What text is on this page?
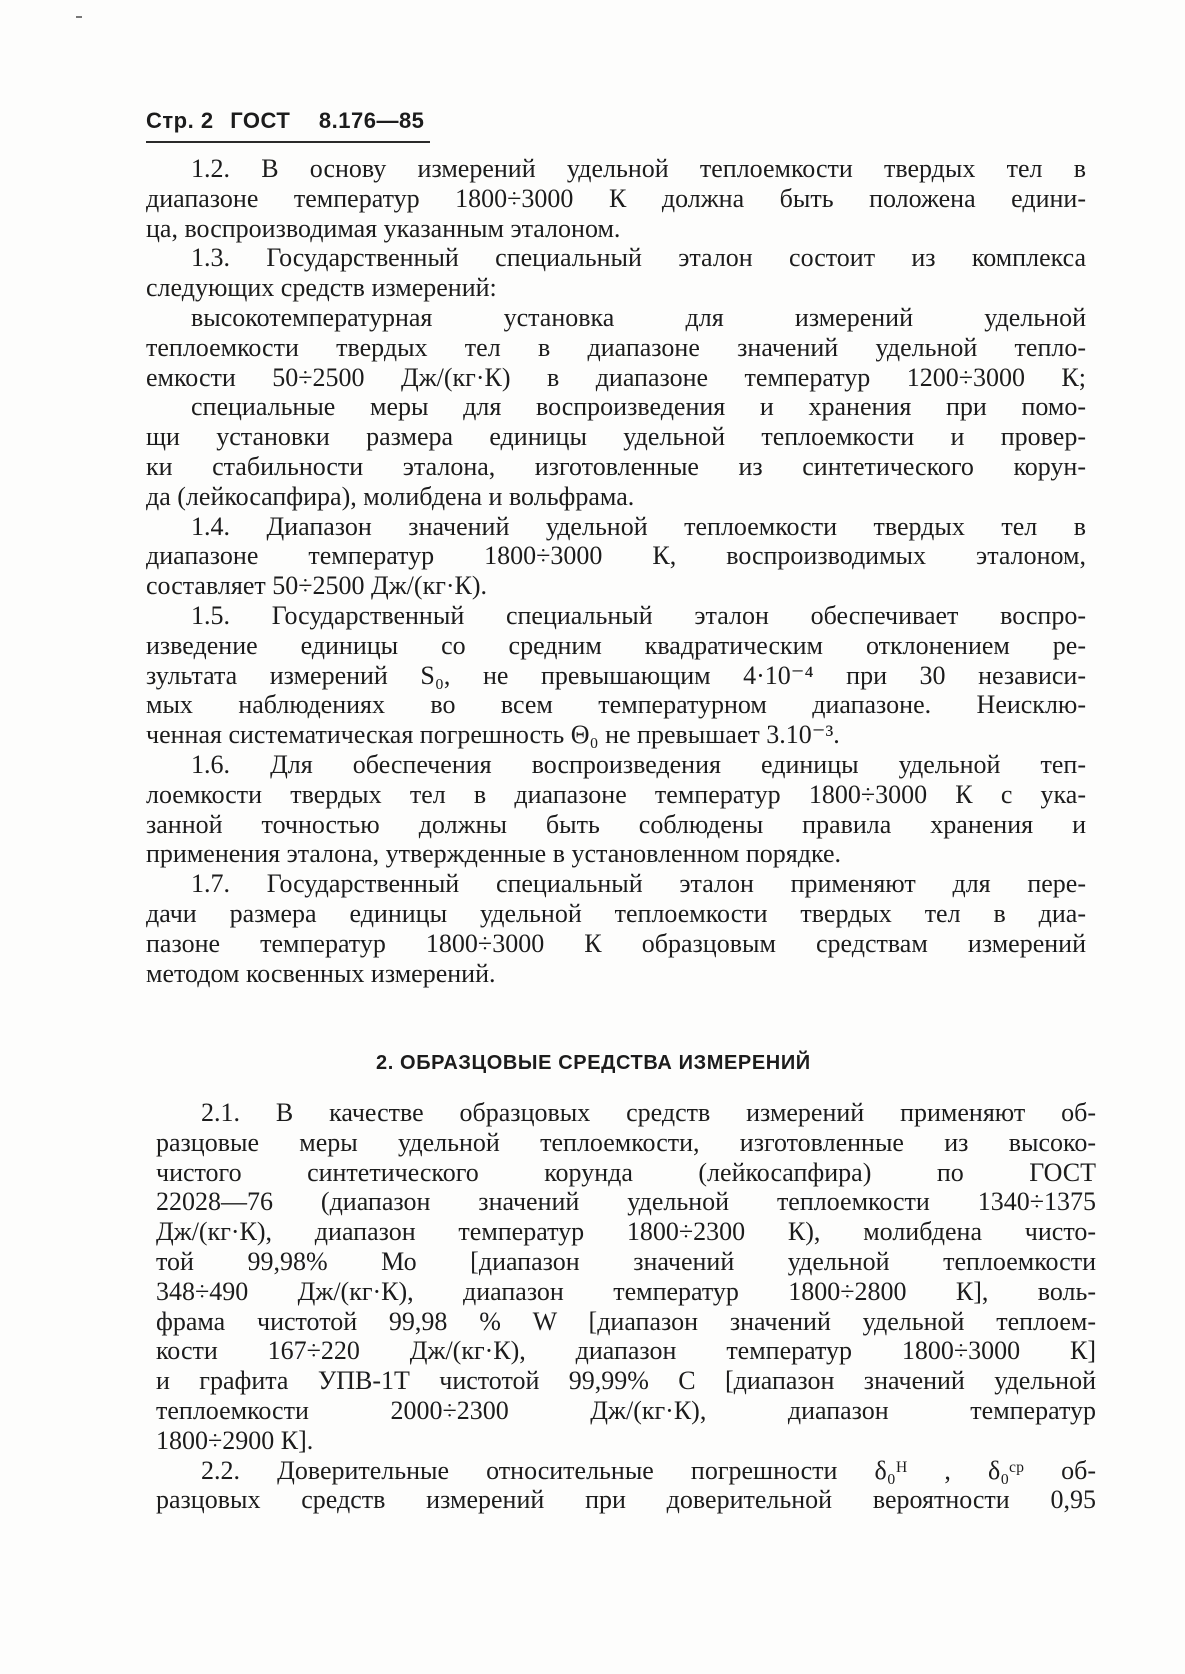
Стр. 2 ГОСТ 8.176—85
1.2. В основу измерений удельной теплоемкости твердых тел в
диапазоне температур 1800÷3000 К должна быть положена едини-
ца, воспроизводимая указанным эталоном.
1.3. Государственный специальный эталон состоит из комплекса
следующих средств измерений:
высокотемпературная установка для измерений удельной
теплоемкости твердых тел в диапазоне значений удельной тепло-
емкости 50÷2500 Дж/(кг·К) в диапазоне температур 1200÷3000 К;
специальные меры для воспроизведения и хранения при помо-
щи установки размера единицы удельной теплоемкости и провер-
ки стабильности эталона, изготовленные из синтетического корун-
да (лейкосапфира), молибдена и вольфрама.
1.4. Диапазон значений удельной теплоемкости твердых тел в
диапазоне температур 1800÷3000 К, воспроизводимых эталоном,
составляет 50÷2500 Дж/(кг·К).
1.5. Государственный специальный эталон обеспечивает воспро-
изведение единицы со средним квадратическим отклонением ре-
зультата измерений S₀, не превышающим 4·10⁻⁴ при 30 независи-
мых наблюдениях во всем температурном диапазоне. Неисклю-
ченная систематическая погрешность Θ₀ не превышает 3.10⁻³.
1.6. Для обеспечения воспроизведения единицы удельной теп-
лоемкости твердых тел в диапазоне температур 1800÷3000 К с ука-
занной точностью должны быть соблюдены правила хранения и
применения эталона, утвержденные в установленном порядке.
1.7. Государственный специальный эталон применяют для пере-
дачи размера единицы удельной теплоемкости твердых тел в диа-
пазоне температур 1800÷3000 К образцовым средствам измерений
методом косвенных измерений.
2. ОБРАЗЦОВЫЕ СРЕДСТВА ИЗМЕРЕНИЙ
2.1. В качестве образцовых средств измерений применяют об-
разцовые меры удельной теплоемкости, изготовленные из высоко-
чистого синтетического корунда (лейкосапфира) по ГОСТ
22028—76 (диапазон значений удельной теплоемкости 1340÷1375
Дж/(кг·К), диапазон температур 1800÷2300 К), молибдена чисто-
той 99,98% Мо [диапазон значений удельной теплоемкости
348÷490 Дж/(кг·К), диапазон температур 1800÷2800 К], воль-
фрама чистотой 99,98 % W [диапазон значений удельной теплоем-
кости 167÷220 Дж/(кг·К), диапазон температур 1800÷3000 К]
и графита УПВ-1Т чистотой 99,99% С [диапазон значений удельной
теплоемкости 2000÷2300 Дж/(кг·К), диапазон температур
1800÷2900 К].
2.2. Доверительные относительные погрешности δ₀ᴴ , δ₀ᶜᵖ об-
разцовых средств измерений при доверительной вероятности 0,95
